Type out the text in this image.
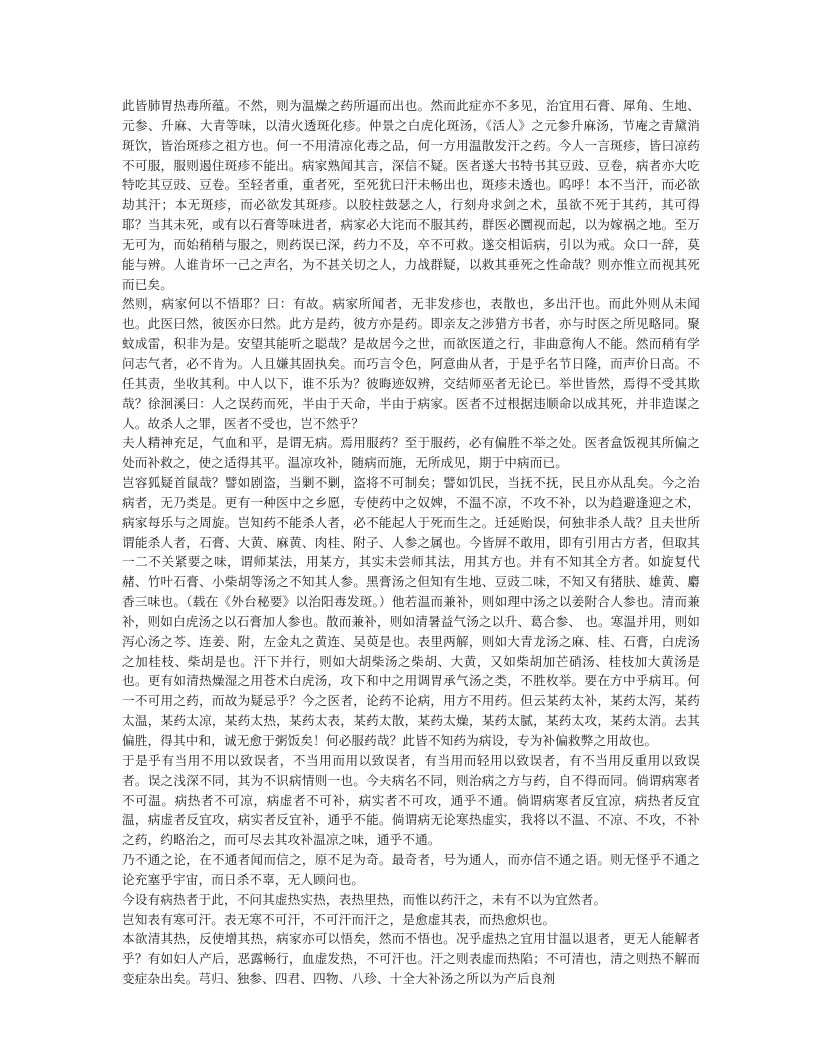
此皆肺胃热毒所蕴。不然，则为温燥之药所逼而出也。然而此症亦不多见，治宜用石膏、犀角、生地、元参、升麻、大青等味，以清火透斑化疹。仲景之白虎化斑汤，《活人》之元参升麻汤，节庵之青黛消斑饮，皆治斑疹之祖方也。何一不用清凉化毒之品，何一方用温散发汗之药。今人一言斑疹，皆曰凉药不可服，服则遏住斑疹不能出。病家熟闻其言，深信不疑。医者遂大书特书其豆豉、豆卷，病者亦大吃特吃其豆豉、豆卷。至轻者重，重者死，至死犹曰汗未畅出也，斑疹未透也。呜呼！本不当汗，而必欲劫其汗；本无斑疹，而必欲发其斑疹。以胶柱鼓瑟之人，行刻舟求剑之术，虽欲不死于其药，其可得耶？当其未死，或有以石膏等味进者，病家必大诧而不服其药，群医必圜视而起，以为嫁祸之地。至万无可为，而始稍稍与服之，则药误已深，药力不及，卒不可救。遂交相诟病，引以为戒。众口一辞，莫能与辨。人谁肯坏一己之声名，为不甚关切之人，力战群疑，以救其垂死之性命哉？则亦惟立而视其死而已矣。

然则，病家何以不悟耶？曰：有故。病家所闻者，无非发疹也，表散也，多出汗也。而此外则从未闻也。此医曰然，彼医亦曰然。此方是药，彼方亦是药。即亲友之涉猎方书者，亦与时医之所见略同。聚蚊成雷，积非为是。安望其能听之聪哉？是故居今之世，而欲医道之行，非曲意徇人不能。然而稍有学问志气者，必不肯为。人且嫌其固执矣。而巧言令色，阿意曲从者，于是乎名节日隆，而声价日高。不任其责，坐收其利。中人以下，谁不乐为？彼晦迹奴辨，交结师巫者无论已。举世皆然，焉得不受其欺哉？徐洄溪曰：人之误药而死，半由于天命，半由于病家。医者不过根据违顺命以成其死，并非造谋之人。故杀人之罪，医者不受也，岂不然乎？

夫人精神充足，气血和平，是谓无病。焉用服药？至于服药，必有偏胜不举之处。医者盒饭视其所偏之处而补救之，使之适得其平。温凉攻补，随病而施，无所成见，期于中病而已。

岂容狐疑首鼠哉？譬如剧盗，当剿不剿，盗将不可制矣；譬如饥民，当抚不抚，民且亦从乱矣。今之治病者，无乃类是。更有一种医中之乡愿，专使药中之奴婢，不温不凉，不攻不补，以为趋避逢迎之术，病家每乐与之周旋。岂知药不能杀人者，必不能起人于死而生之。迁延贻误，何独非杀人哉？且夫世所谓能杀人者，石膏、大黄、麻黄、肉桂、附子、人参之属也。今皆屏不敢用，即有引用古方者，但取其一二不关紧要之味，谓师某法，用某方，其实未尝师其法，用其方也。并有不知其全方者。如旋复代赭、竹叶石膏、小柴胡等汤之不知其人参。黑膏汤之但知有生地、豆豉二味，不知又有猪肤、雄黄、麝香三味也。（载在《外台秘要》以治阳毒发斑。）他若温而兼补，则如理中汤之以姜附合人参也。清而兼补，则如白虎汤之以石膏加人参也。散而兼补，则如清暑益气汤之以升、葛合参、 也。寒温并用，则如泻心汤之芩、连姜、附，左金丸之黄连、吴萸是也。表里两解，则如大青龙汤之麻、桂、石膏，白虎汤之加桂枝、柴胡是也。汗下并行，则如大胡柴汤之柴胡、大黄，又如柴胡加芒硝汤、桂枝加大黄汤是也。更有如清热燥湿之用苍术白虎汤，攻下和中之用调胃承气汤之类，不胜枚举。要在方中乎病耳。何一不可用之药，而故为疑忌乎？今之医者，论药不论病，用方不用药。但云某药太补，某药太泻，某药太温，某药太凉，某药太热，某药太表，某药太散，某药太燥，某药太腻，某药太攻，某药太消。去其偏胜，得其中和，诚无愈于粥饭矣！何必服药哉？此皆不知药为病设，专为补偏救弊之用故也。

于是乎有当用不用以致误者，不当用而用以致误者，有当用而轻用以致误者，有不当用反重用以致误者。误之浅深不同，其为不识病情则一也。今夫病名不同，则治病之方与药，自不得而同。倘谓病寒者不可温。病热者不可凉，病虚者不可补，病实者不可攻，通乎不通。倘谓病寒者反宜凉，病热者反宜温，病虚者反宜攻，病实者反宜补，通乎不能。倘谓病无论寒热虚实，我将以不温、不凉、不攻，不补之药，约略治之，而可尽去其攻补温凉之味，通乎不通。

乃不通之论，在不通者闻而信之，原不足为奇。最奇者，号为通人，而亦信不通之语。则无怪乎不通之论充塞乎宇宙，而日杀不辜，无人顾问也。

今设有病热者于此，不问其虚热实热，表热里热，而惟以药汗之，未有不以为宜然者。

岂知表有寒可汗。表无寒不可汗，不可汗而汗之，是愈虚其表，而热愈炽也。

本欲清其热，反使增其热，病家亦可以悟矣，然而不悟也。况乎虚热之宜用甘温以退者，更无人能解者乎？有如妇人产后，恶露畅行，血虚发热，不可汗也。汗之则表虚而热陷；不可清也，清之则热不解而变症杂出矣。芎归、独参、四君、四物、八珍、十全大补汤之所以为产后良剂
